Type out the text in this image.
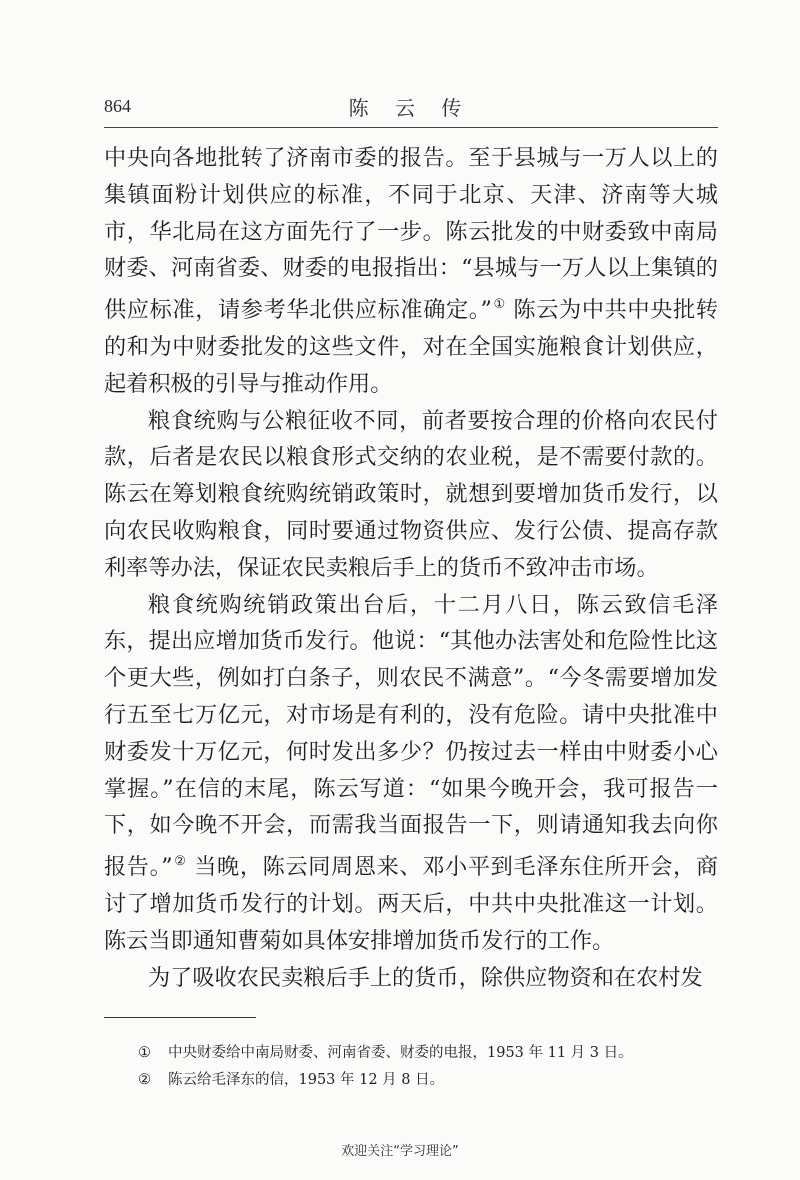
864	陈 云 传

中央向各地批转了济南市委的报告。至于县城与一万人以上的集镇面粉计划供应的标准，不同于北京、天津、济南等大城市，华北局在这方面先行了一步。陈云批发的中财委致中南局财委、河南省委、财委的电报指出：“县城与一万人以上集镇的供应标准，请参考华北供应标准确定。”① 陈云为中共中央批转的和为中财委批发的这些文件，对在全国实施粮食计划供应，起着积极的引导与推动作用。

粮食统购与公粮征收不同，前者要按合理的价格向农民付款，后者是农民以粮食形式交纳的农业税，是不需要付款的。陈云在筹划粮食统购统销政策时，就想到要增加货币发行，以向农民收购粮食，同时要通过物资供应、发行公债、提高存款利率等办法，保证农民卖粮后手上的货币不致冲击市场。

粮食统购统销政策出台后，十二月八日，陈云致信毛泽东，提出应增加货币发行。他说：“其他办法害处和危险性比这个更大些，例如打白条子，则农民不满意”。“今冬需要增加发行五至七万亿元，对市场是有利的，没有危险。请中央批准中财委发十万亿元，何时发出多少？仍按过去一样由中财委小心掌握。”在信的末尾，陈云写道：“如果今晚开会，我可报告一下，如今晚不开会，而需我当面报告一下，则请通知我去向你报告。”② 当晚，陈云同周恩来、邓小平到毛泽东住所开会，商讨了增加货币发行的计划。两天后，中共中央批准这一计划。陈云当即通知曹菊如具体安排增加货币发行的工作。

为了吸收农民卖粮后手上的货币，除供应物资和在农村发

① 中央财委给中南局财委、河南省委、财委的电报，1953 年 11 月 3 日。
② 陈云给毛泽东的信，1953 年 12 月 8 日。
欢迎关注“学习理论”
